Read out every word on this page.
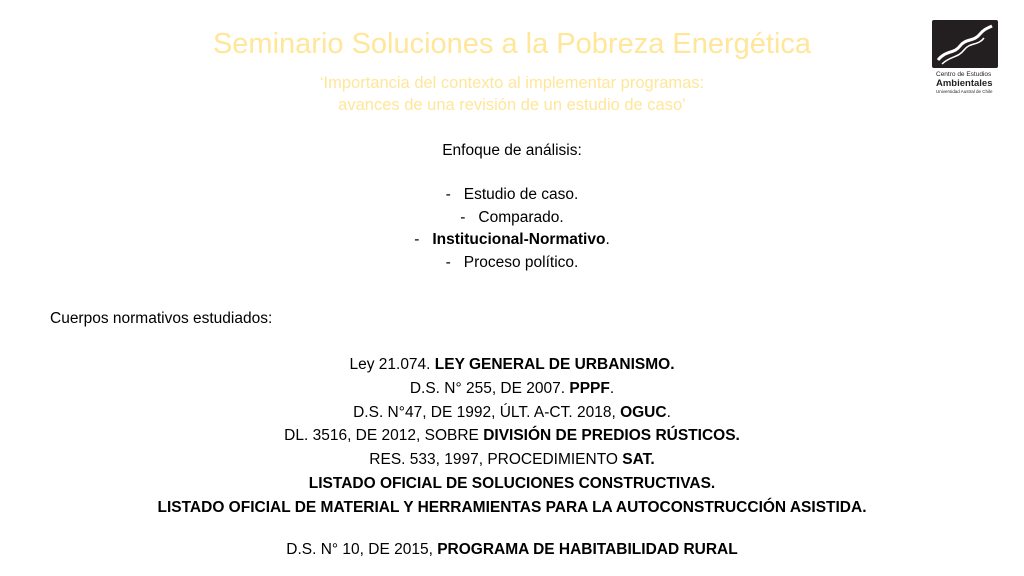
Seminario Soluciones a la Pobreza Energética
‘Importancia del contexto al implementar programas:
avances de una revisión de un estudio de caso’
Centro de Estudios
Ambientales
Universidad Austral de Chile
Enfoque de análisis:
- Estudio de caso.
- Comparado.
- Institucional-Normativo.
- Proceso político.
Cuerpos normativos estudiados:
Ley 21.074. LEY GENERAL DE URBANISMO.
D.S. N° 255, DE 2007. PPPF.
D.S. N°47, DE 1992, ÚLT. A-CT. 2018, OGUC.
DL. 3516, DE 2012, SOBRE DIVISIÓN DE PREDIOS RÚSTICOS.
RES. 533, 1997, PROCEDIMIENTO SAT.
LISTADO OFICIAL DE SOLUCIONES CONSTRUCTIVAS.
LISTADO OFICIAL DE MATERIAL Y HERRAMIENTAS PARA LA AUTOCONSTRUCCIÓN ASISTIDA.
D.S. N° 10, DE 2015, PROGRAMA DE HABITABILIDAD RURAL
